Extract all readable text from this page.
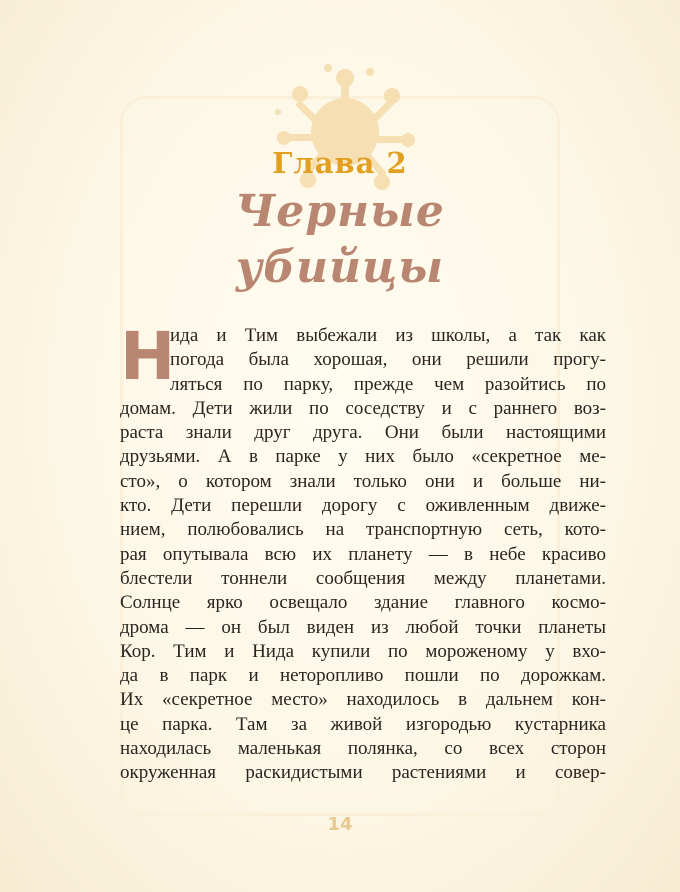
Глава 2
Черные
убийцы
Н
ида и Тим выбежали из школы, а так как
погода была хорошая, они решили прогу-
ляться по парку, прежде чем разойтись по
домам. Дети жили по соседству и с раннего воз-
раста знали друг друга. Они были настоящими
друзьями. А в парке у них было «секретное ме-
сто», о котором знали только они и больше ни-
кто. Дети перешли дорогу с оживленным движе-
нием, полюбовались на транспортную сеть, кото-
рая опутывала всю их планету — в небе красиво
блестели тоннели сообщения между планетами.
Солнце ярко освещало здание главного космо-
дрома — он был виден из любой точки планеты
Кор. Тим и Нида купили по мороженому у вхо-
да в парк и неторопливо пошли по дорожкам.
Их «секретное место» находилось в дальнем кон-
це парка. Там за живой изгородью кустарника
находилась маленькая полянка, со всех сторон
окруженная раскидистыми растениями и совер-
14
